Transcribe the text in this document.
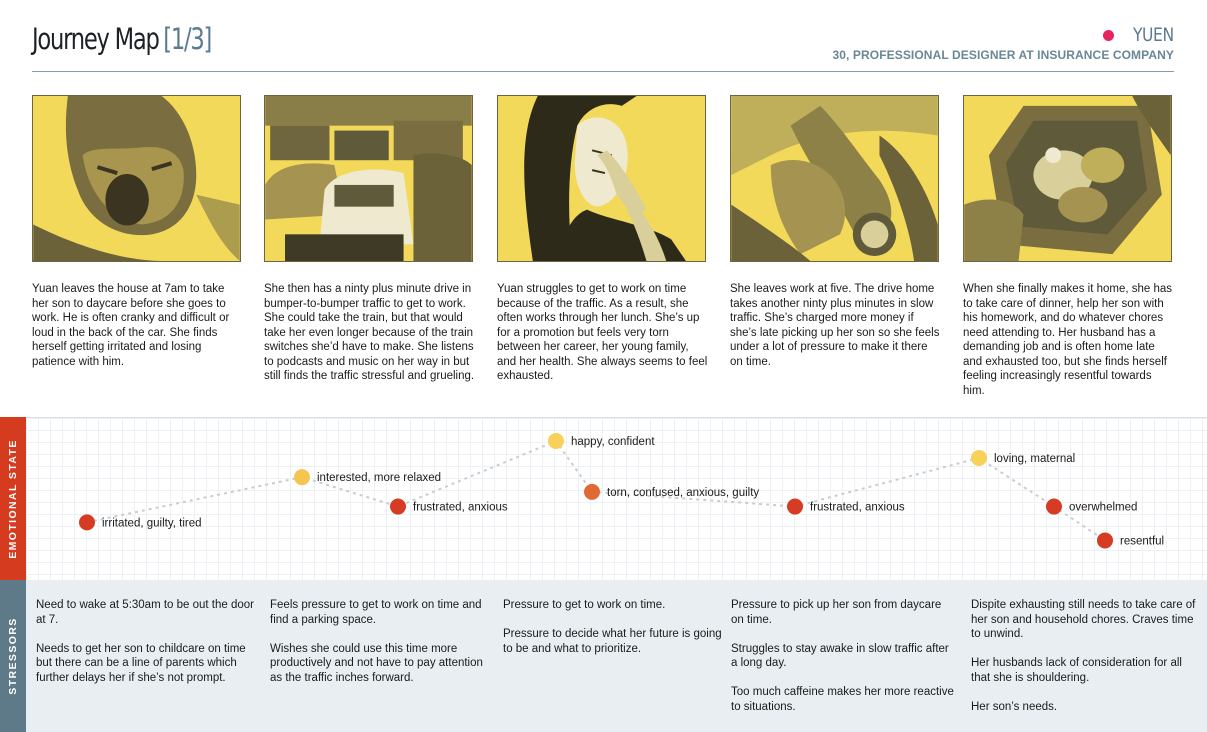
Journey Map [1/3]	YUEN
30, PROFESSIONAL DESIGNER AT INSURANCE COMPANY
Yuan leaves the house at 7am to take her son to daycare before she goes to work. He is often cranky and difficult or loud in the back of the car. She finds herself getting irritated and losing patience with him.
She then has a ninty plus minute drive in bumper-to-bumper traffic to get to work. She could take the train, but that would take her even longer because of the train switches she’d have to make. She listens to podcasts and music on her way in but still finds the traffic stressful and grueling.
Yuan struggles to get to work on time because of the traffic. As a result, she often works through her lunch. She’s up for a promotion but feels very torn between her career, her young family, and her health. She always seems to feel exhausted.
She leaves work at five. The drive home takes another ninty plus minutes in slow traffic. She’s charged more money if she’s late picking up her son so she feels under a lot of pressure to make it there on time.
When she finally makes it home, she has to take care of dinner, help her son with his homework, and do whatever chores need attending to. Her husband has a demanding job and is often home late and exhausted too, but she finds herself feeling increasingly resentful towards him.
EMOTIONAL STATE	irritated, guilty, tired
interested, more relaxed
frustrated, anxious
happy, confident
torn, confused, anxious, guilty
frustrated, anxious
loving, maternal
overwhelmed
resentful

Need to wake at 5:30am to be out the door at 7.

Needs to get her son to childcare on time but there can be a line of parents which further delays her if she’s not prompt.

Feels pressure to get to work on time and find a parking space.

Wishes she could use this time more productively and not have to pay attention as the traffic inches forward.

Pressure to get to work on time.

Pressure to decide what her future is going to be and what to prioritize.

Pressure to pick up her son from daycare on time.

Struggles to stay awake in slow traffic after a long day.

Too much caffeine makes her more reactive to situations.

Dispite exhausting still needs to take care of her son and household chores. Craves time to unwind.

Her husbands lack of consideration for all that she is shouldering.

Her son’s needs.

STRESSORS
